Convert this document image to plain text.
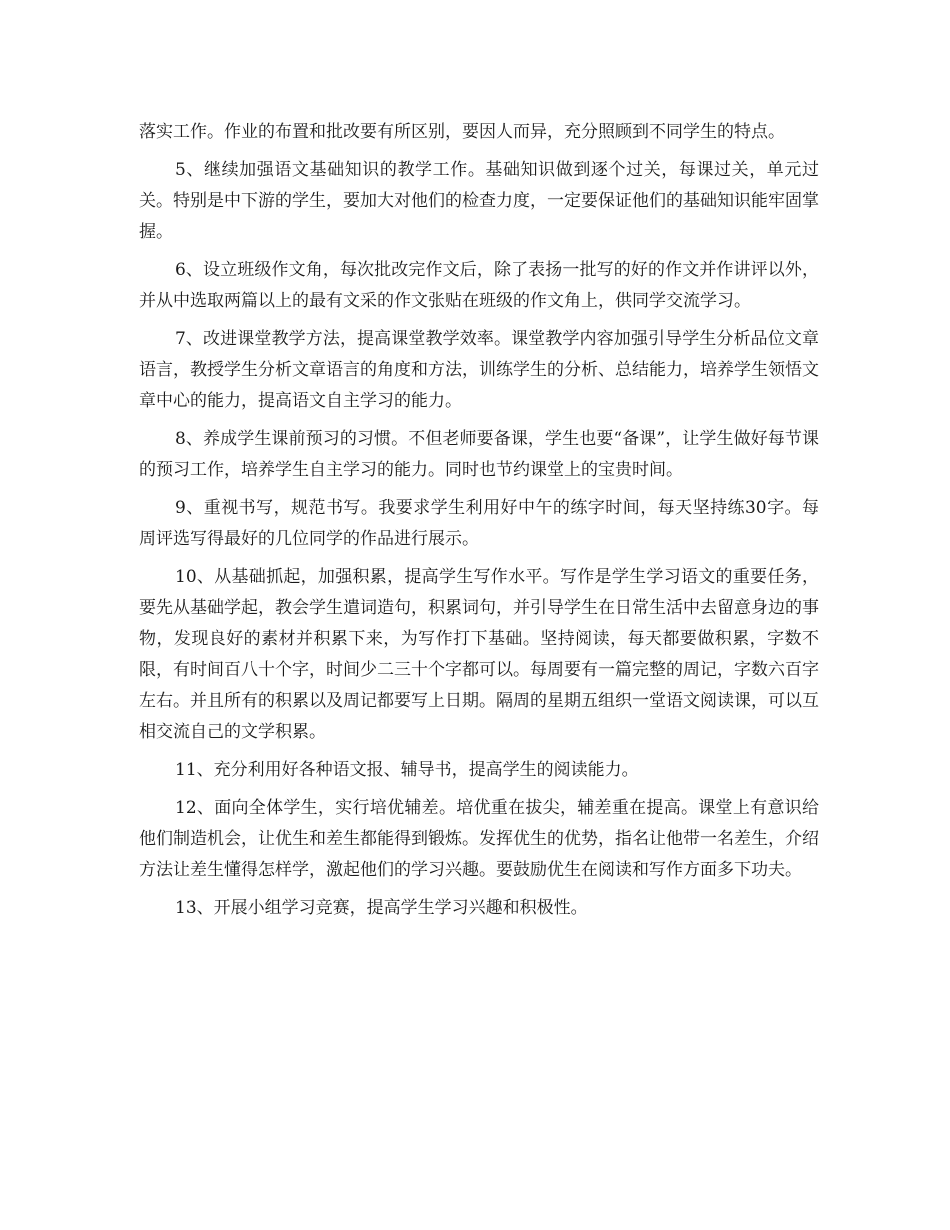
落实工作。作业的布置和批改要有所区别，要因人而异，充分照顾到不同学生的特点。

5、继续加强语文基础知识的教学工作。基础知识做到逐个过关，每课过关，单元过关。特别是中下游的学生，要加大对他们的检查力度，一定要保证他们的基础知识能牢固掌握。

6、设立班级作文角，每次批改完作文后，除了表扬一批写的好的作文并作讲评以外，并从中选取两篇以上的最有文采的作文张贴在班级的作文角上，供同学交流学习。

7、改进课堂教学方法，提高课堂教学效率。课堂教学内容加强引导学生分析品位文章语言，教授学生分析文章语言的角度和方法，训练学生的分析、总结能力，培养学生领悟文章中心的能力，提高语文自主学习的能力。

8、养成学生课前预习的习惯。不但老师要备课，学生也要“备课”，让学生做好每节课的预习工作，培养学生自主学习的能力。同时也节约课堂上的宝贵时间。

9、重视书写，规范书写。我要求学生利用好中午的练字时间，每天坚持练30字。每周评选写得最好的几位同学的作品进行展示。

10、从基础抓起，加强积累，提高学生写作水平。写作是学生学习语文的重要任务，要先从基础学起，教会学生遣词造句，积累词句，并引导学生在日常生活中去留意身边的事物，发现良好的素材并积累下来，为写作打下基础。坚持阅读，每天都要做积累，字数不限，有时间百八十个字，时间少二三十个字都可以。每周要有一篇完整的周记，字数六百字左右。并且所有的积累以及周记都要写上日期。隔周的星期五组织一堂语文阅读课，可以互相交流自己的文学积累。

11、充分利用好各种语文报、辅导书，提高学生的阅读能力。

12、面向全体学生，实行培优辅差。培优重在拔尖，辅差重在提高。课堂上有意识给他们制造机会，让优生和差生都能得到锻炼。发挥优生的优势，指名让他带一名差生，介绍方法让差生懂得怎样学，激起他们的学习兴趣。要鼓励优生在阅读和写作方面多下功夫。

13、开展小组学习竞赛，提高学生学习兴趣和积极性。
